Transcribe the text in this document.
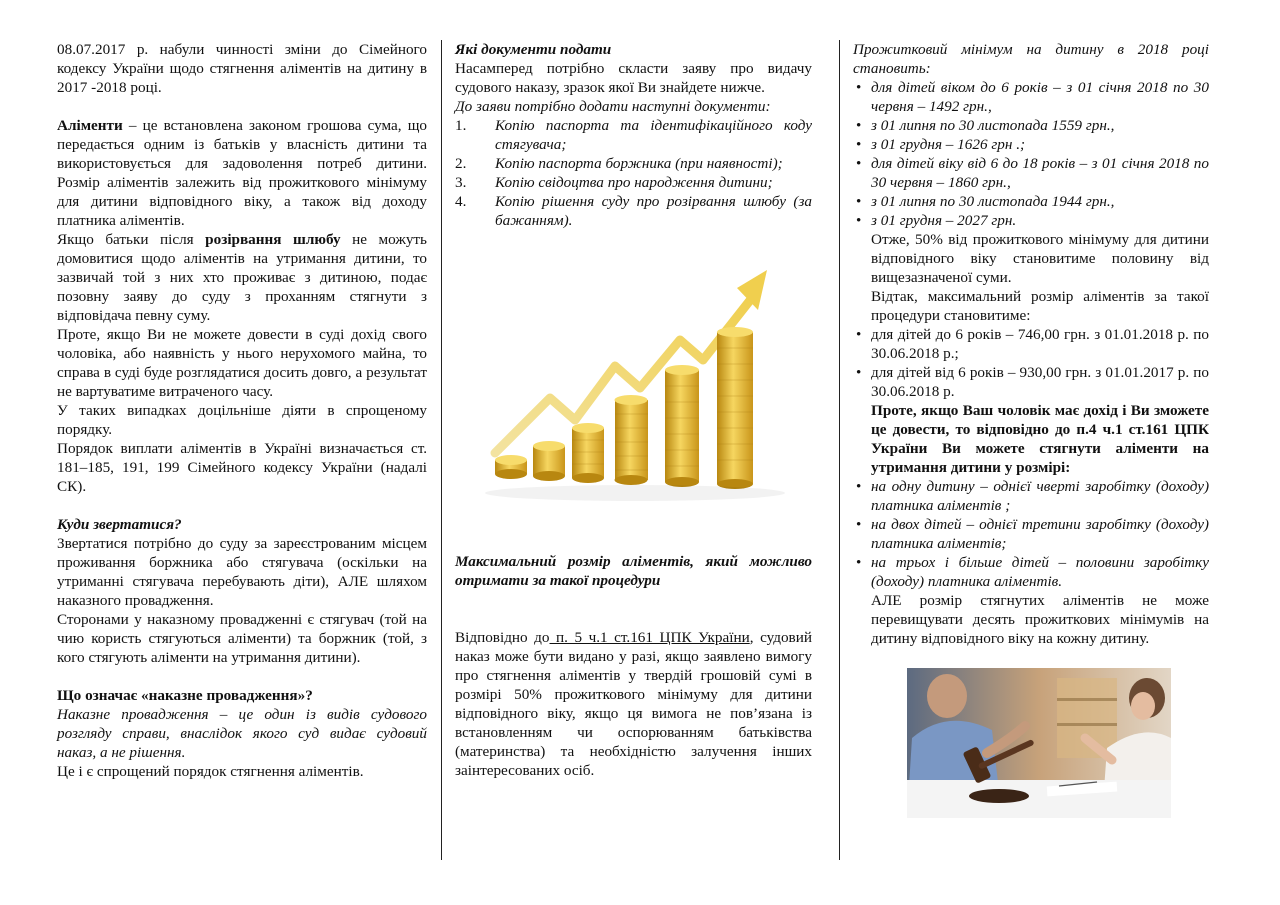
08.07.2017 р. набули чинності зміни до Сімейного кодексу України щодо стягнення аліментів на дитину в 2017 -2018 році.

Аліменти – це встановлена законом грошова сума, що передається одним із батьків у власність дитини та використовується для задоволення потреб дитини. Розмір аліментів залежить від прожиткового мінімуму для дитини відповідного віку, а також від доходу платника аліментів.

Якщо батьки після розірвання шлюбу не можуть домовитися щодо аліментів на утримання дитини, то зазвичай той з них хто проживає з дитиною, подає позовну заяву до суду з проханням стягнути з відповідача певну суму.

Проте, якщо Ви не можете довести в суді дохід свого чоловіка, або наявність у нього нерухомого майна, то справа в суді буде розглядатися досить довго, а результат не вартуватиме витраченого часу.

У таких випадках доцільніше діяти в спрощеному порядку.

Порядок виплати аліментів в Україні визначається ст. 181–185, 191, 199 Сімейного кодексу України (надалі СК).

Куди звертатися?

Звертатися потрібно до суду за зареєстрованим місцем проживання боржника або стягувача (оскільки на утриманні стягувача перебувають діти), АЛЕ шляхом наказного провадження.

Сторонами у наказному провадженні є стягувач (той на чию користь стягуються аліменти) та боржник (той, з кого стягують аліменти на утримання дитини).

Що означає «наказне провадження»?

Наказне провадження – це один із видів судового розгляду справи, внаслідок якого суд видає судовий наказ, а не рішення.

Це і є спрощений порядок стягнення аліментів.

Які документи подати

Насамперед потрібно скласти заяву про видачу судового наказу, зразок якої Ви знайдете нижче.

До заяви потрібно додати наступні документи:

1.	Копію паспорта та ідентифікаційного коду стягувача;
2.	Копію паспорта боржника (при наявності);
3.	Копію свідоцтва про народження дитини;
4.	Копію рішення суду про розірвання шлюбу (за бажанням).

Максимальний розмір аліментів, який можливо отримати за такої процедури

Відповідно до п. 5 ч.1 ст.161 ЦПК України, судовий наказ може бути видано у разі, якщо заявлено вимогу про стягнення аліментів у твердій грошовій сумі в розмірі 50% прожиткового мінімуму для дитини відповідного віку, якщо ця вимога не пов’язана із встановленням чи оспорюванням батьківства (материнства) та необхідністю залучення інших заінтересованих осіб.

Прожитковий мінімум на дитину в 2018 році становить:

• для дітей віком до 6 років – з 01 січня 2018 по 30 червня – 1492 грн.,
• з 01 липня по 30 листопада 1559 грн.,
• з 01 грудня – 1626 грн .;
• для дітей віку від 6 до 18 років – з 01 січня 2018 по 30 червня – 1860 грн.,
• з 01 липня по 30 листопада 1944 грн.,
• з 01 грудня – 2027 грн.

Отже, 50% від прожиткового мінімуму для дитини відповідного віку становитиме половину від вищезазначеної суми.

Відтак, максимальний розмір аліментів за такої процедури становитиме:

• для дітей до 6 років – 746,00 грн. з 01.01.2018 р. по 30.06.2018 р.;
• для дітей від 6 років – 930,00 грн. з 01.01.2017 р. по 30.06.2018 р.

Проте, якщо Ваш чоловік має дохід і Ви зможете це довести, то відповідно до п.4 ч.1 ст.161 ЦПК України Ви можете стягнути аліменти на утримання дитини у розмірі:

• на одну дитину – однієї чверті заробітку (доходу) платника аліментів ;
• на двох дітей – однієї третини заробітку (доходу) платника аліментів;
• на трьох і більше дітей – половини заробітку (доходу) платника аліментів.

АЛЕ розмір стягнутих аліментів не може перевищувати десять прожиткових мінімумів на дитину відповідного віку на кожну дитину.
